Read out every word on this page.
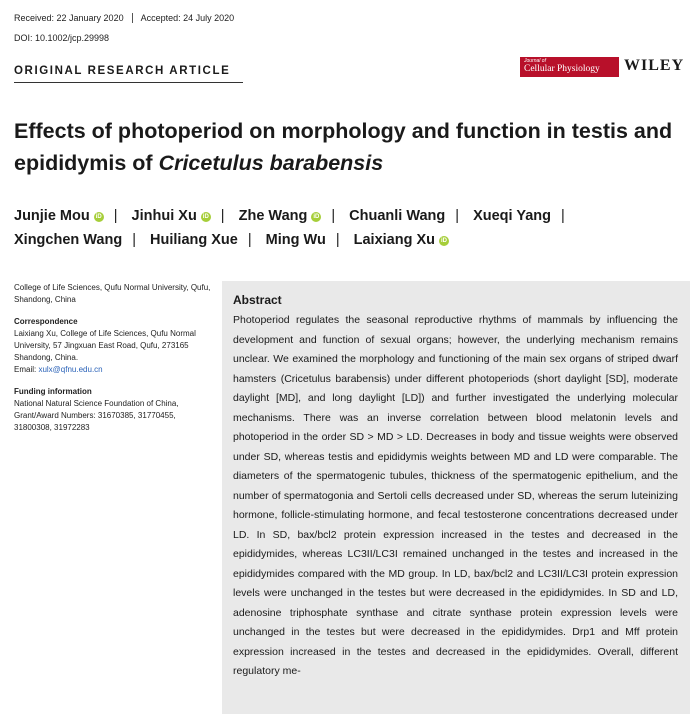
Received: 22 January 2020 Accepted: 24 July 2020
DOI: 10.1002/jcp.29998
ORIGINAL RESEARCH ARTICLE
Journal of
Cellular Physiology	WILEY
Effects of photoperiod on morphology and function in testis and epididymis of Cricetulus barabensis
Junjie Mou iD | Jinhui Xu iD | Zhe Wang iD | Chuanli Wang | Xueqi Yang |
Xingchen Wang | Huiliang Xue | Ming Wu | Laixiang Xu iD
College of Life Sciences, Qufu Normal University, Qufu, Shandong, China
Correspondence
Laixiang Xu, College of Life Sciences, Qufu Normal University, 57 Jingxuan East Road, Qufu, 273165 Shandong, China.
Email: xulx@qfnu.edu.cn
Funding information
National Natural Science Foundation of China, Grant/Award Numbers: 31670385, 31770455, 31800308, 31972283
Abstract
Photoperiod regulates the seasonal reproductive rhythms of mammals by influencing the development and function of sexual organs; however, the underlying mechanism remains unclear. We examined the morphology and functioning of the main sex organs of striped dwarf hamsters (Cricetulus barabensis) under different photoperiods (short daylight [SD], moderate daylight [MD], and long daylight [LD]) and further investigated the underlying molecular mechanisms. There was an inverse correlation between blood melatonin levels and photoperiod in the order SD > MD > LD. Decreases in body and tissue weights were observed under SD, whereas testis and epididymis weights between MD and LD were comparable. The diameters of the spermatogenic tubules, thickness of the spermatogenic epithelium, and the number of spermatogonia and Sertoli cells decreased under SD, whereas the serum luteinizing hormone, follicle-stimulating hormone, and fecal testosterone concentrations decreased under LD. In SD, bax/bcl2 protein expression increased in the testes and decreased in the epididymides, whereas LC3II/LC3I remained unchanged in the testes and increased in the epididymides compared with the MD group. In LD, bax/bcl2 and LC3II/LC3I protein expression levels were unchanged in the testes but were decreased in the epididymides. In SD and LD, adenosine triphosphate synthase and citrate synthase protein expression levels were unchanged in the testes but were decreased in the epididymides. Drp1 and Mff protein expression increased in the testes and decreased in the epididymides. Overall, different regulatory me-
